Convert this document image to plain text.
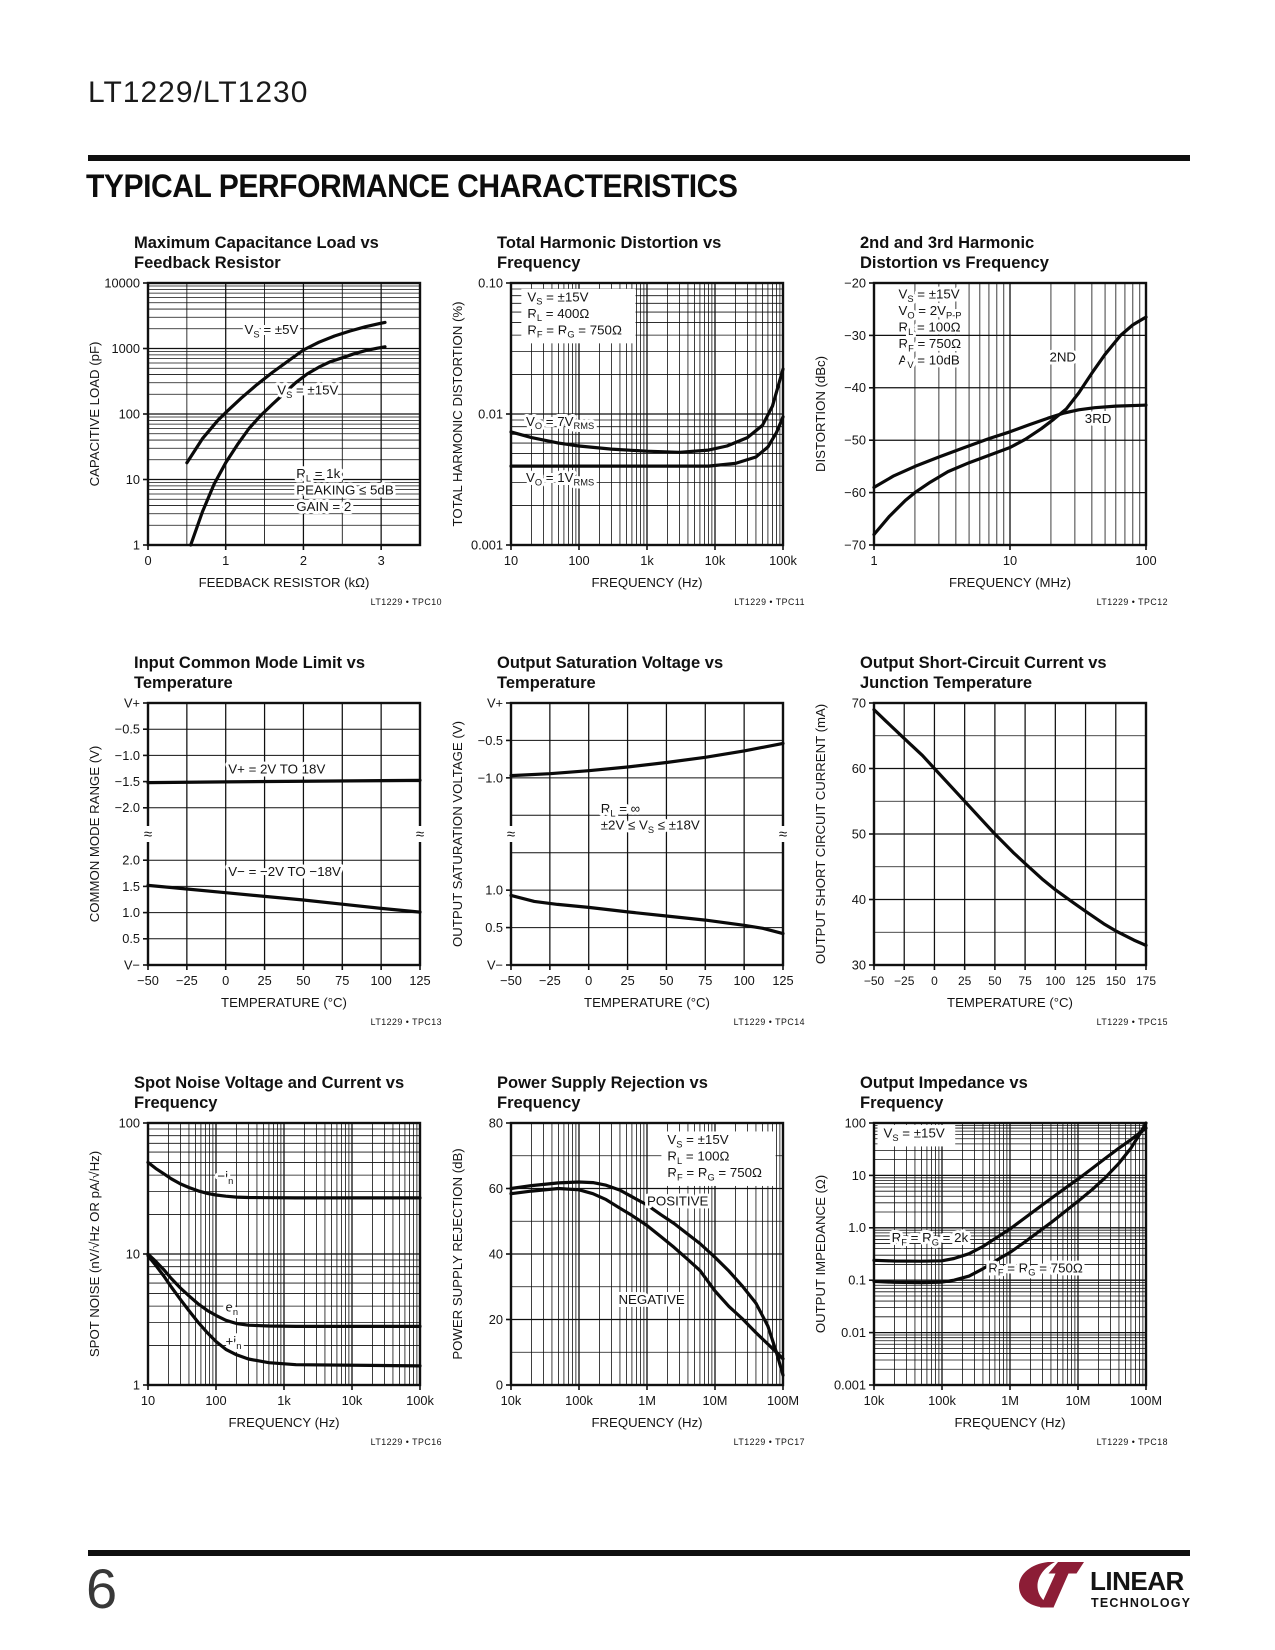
LT1229/LT1230
TYPICAL PERFORMANCE CHARACTERISTICS
Maximum Capacitance Load vs
Feedback Resistor
$R_L = 1k$
PEAKING ≤ 5dB
GAIN = 2
$V_S = \pm 5V$
$V_S = \pm 15V$
0	1	2	3
10000
1000
100
10
1
FEEDBACK RESISTOR (kΩ)
CAPACITIVE LOAD (pF)
LT1229 • TPC10
Total Harmonic Distortion vs
Frequency
$V_S = \pm 15V$
$R_L = 400\Omega$
$R_F = R_G = 750\Omega$
$V_O = 7V_{RMS}$
$V_O = 1V_{RMS}$
10	100	1k	10k	100k
0.10
0.01
0.001
FREQUENCY (Hz)
TOTAL HARMONIC DISTORTION (%)
LT1229 • TPC11
2nd and 3rd Harmonic
Distortion vs Frequency
$V_S = \pm 15V$
$V_O = 2V_{P-P}$
$R_L = 100\Omega$
$R_F = 750\Omega$
$A_V = 10dB$	2ND
3RD
1	10	100
−20
−30
−40
−50
−60
−70
FREQUENCY (MHz)
DISTORTION (dBc)
LT1229 • TPC12
Input Common Mode Limit vs
Temperature
≈	≈
V+ = 2V TO 18V
V− = −2V TO −18V
−50 −25 0 25 50 75 100 125
V+
−0.5
−1.0
−1.5
−2.0
2.0
1.5
1.0
0.5
V−
TEMPERATURE (°C)
COMMON MODE RANGE (V)
LT1229 • TPC13
Output Saturation Voltage vs
Temperature
≈	≈
$R_L$ = ∞
$\pm 2V \le V_S \le \pm 18V$
−50 −25 0 25 50 75 100 125
V+
−0.5
−1.0
1.0
0.5
V−
TEMPERATURE (°C)
OUTPUT SATURATION VOLTAGE (V)
LT1229 • TPC14
Output Short-Circuit Current vs
Junction Temperature
−50 −25 0 25 50 75 100 125 150 175
70
60
50
40
30
TEMPERATURE (°C)
OUTPUT SHORT CIRCUIT CURRENT (mA)
LT1229 • TPC15
Spot Noise Voltage and Current vs
Frequency
$-i_n$
$e_n$
$+i_n$
10	100	1k	10k	100k
100
10
1
FREQUENCY (Hz)
SPOT NOISE (nV/√Hz OR pA/√Hz)
LT1229 • TPC16
Power Supply Rejection vs
Frequency
$V_S = \pm 15V$
$R_L = 100\Omega$
$R_F = R_G = 750\Omega$
POSITIVE
NEGATIVE
10k	100k	1M	10M	100M
80
60
40
20
0
FREQUENCY (Hz)
POWER SUPPLY REJECTION (dB)
LT1229 • TPC17
Output Impedance vs
Frequency
$V_S = \pm 15V$
$R_F = R_G = 2k$
$R_F = R_G = 750\Omega$
10k	100k	1M	10M	100M
100
10
1.0
0.1
0.01
0.001
FREQUENCY (Hz)
OUTPUT IMPEDANCE (Ω)
LT1229 • TPC18
6	LINEAR
TECHNOLOGY
